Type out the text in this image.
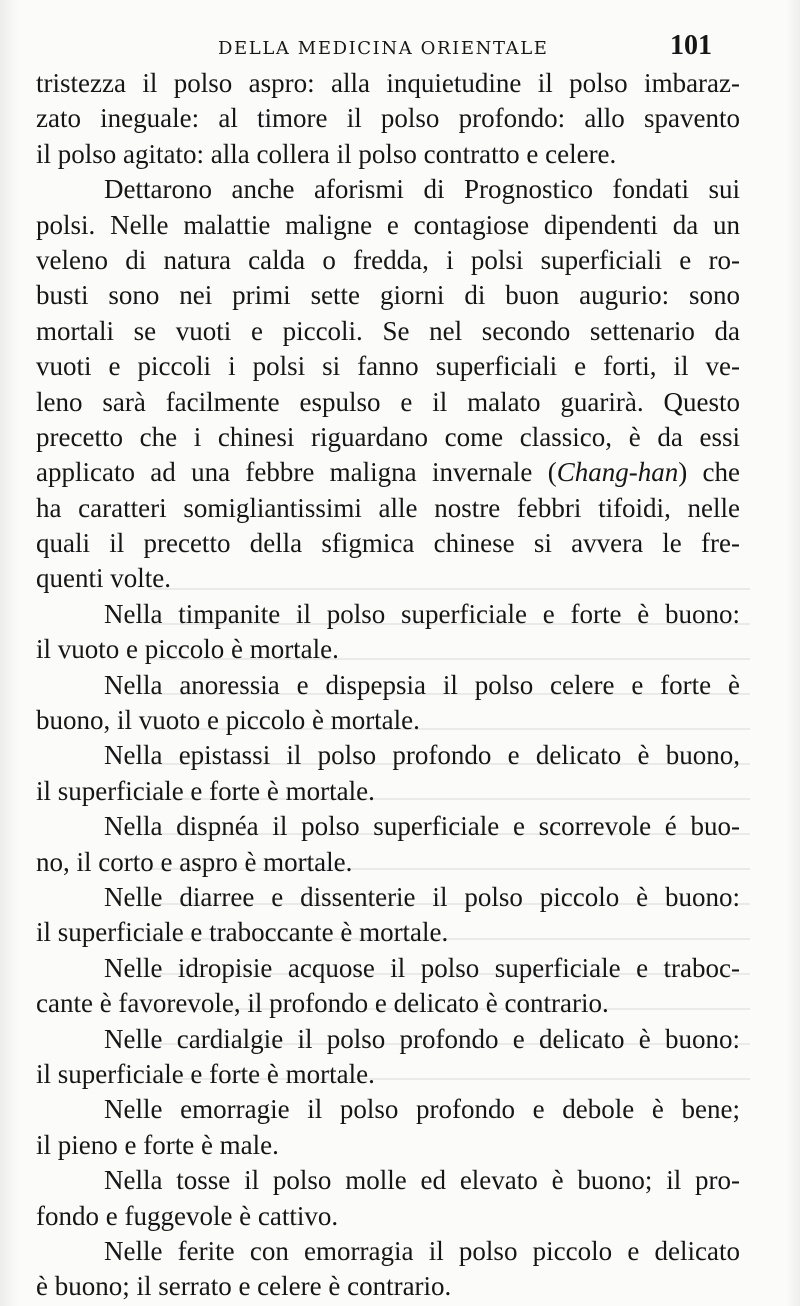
DELLA MEDICINA ORIENTALE	101
tristezza il polso aspro: alla inquietudine il polso imbaraz-
zato ineguale: al timore il polso profondo: allo spavento
il polso agitato: alla collera il polso contratto e celere.
Dettarono anche aforismi di Prognostico fondati sui
polsi. Nelle malattie maligne e contagiose dipendenti da un
veleno di natura calda o fredda, i polsi superficiali e ro-
busti sono nei primi sette giorni di buon augurio: sono
mortali se vuoti e piccoli. Se nel secondo settenario da
vuoti e piccoli i polsi si fanno superficiali e forti, il ve-
leno sarà facilmente espulso e il malato guarirà. Questo
precetto che i chinesi riguardano come classico, è da essi
applicato ad una febbre maligna invernale (Chang-han) che
ha caratteri somigliantissimi alle nostre febbri tifoidi, nelle
quali il precetto della sfigmica chinese si avvera le fre-
quenti volte.
Nella timpanite il polso superficiale e forte è buono:
il vuoto e piccolo è mortale.
Nella anoressia e dispepsia il polso celere e forte è
buono, il vuoto e piccolo è mortale.
Nella epistassi il polso profondo e delicato è buono,
il superficiale e forte è mortale.
Nella dispnéa il polso superficiale e scorrevole é buo-
no, il corto e aspro è mortale.
Nelle diarree e dissenterie il polso piccolo è buono:
il superficiale e traboccante è mortale.
Nelle idropisie acquose il polso superficiale e traboc-
cante è favorevole, il profondo e delicato è contrario.
Nelle cardialgie il polso profondo e delicato è buono:
il superficiale e forte è mortale.
Nelle emorragie il polso profondo e debole è bene;
il pieno e forte è male.
Nella tosse il polso molle ed elevato è buono; il pro-
fondo e fuggevole è cattivo.
Nelle ferite con emorragia il polso piccolo e delicato
è buono; il serrato e celere è contrario.
